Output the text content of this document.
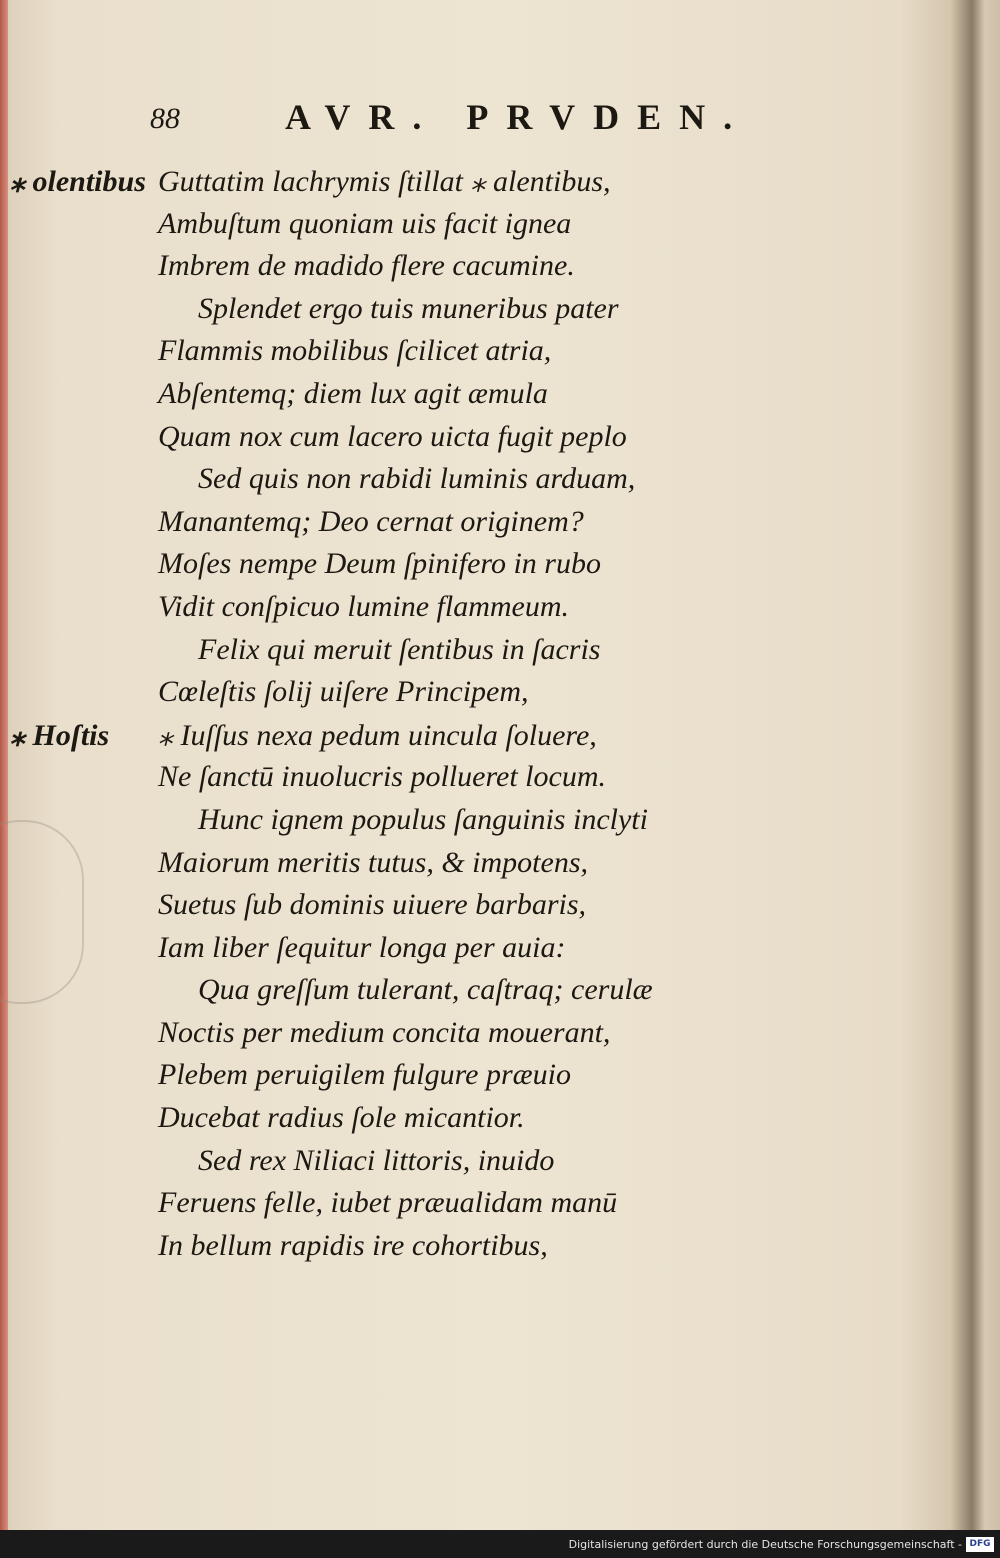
88	AVR. PRVDEN.
⁎ olentibus Guttatim lachrymis ſtillat ⁎ alentibus,
Ambuſtum quoniam uis facit ignea
Imbrem de madido flere cacumine.
Splendet ergo tuis muneribus pater
Flammis mobilibus ſcilicet atria,
Abſentemq; diem lux agit æmula
Quam nox cum lacero uicta fugit peplo
Sed quis non rabidi luminis arduam,
Manantemq; Deo cernat originem?
Moſes nempe Deum ſpinifero in rubo
Vidit conſpicuo lumine flammeum.
Felix qui meruit ſentibus in ſacris
Cœleſtis ſolij uiſere Principem,
⁎ Hoſtis ⁎ Iuſſus nexa pedum uincula ſoluere,
Ne ſanctū inuolucris pollueret locum.
Hunc ignem populus ſanguinis inclyti
Maiorum meritis tutus, & impotens,
Suetus ſub dominis uiuere barbaris,
Iam liber ſequitur longa per auia:
Qua greſſum tulerant, caſtraq; cerulæ
Noctis per medium concita mouerant,
Plebem peruigilem fulgure præuio
Ducebat radius ſole micantior.
Sed rex Niliaci littoris, inuido
Feruens felle, iubet præualidam manū
In bellum rapidis ire cohortibus,
Digitalisierung gefördert durch die Deutsche Forschungsgemeinschaft - DFG
